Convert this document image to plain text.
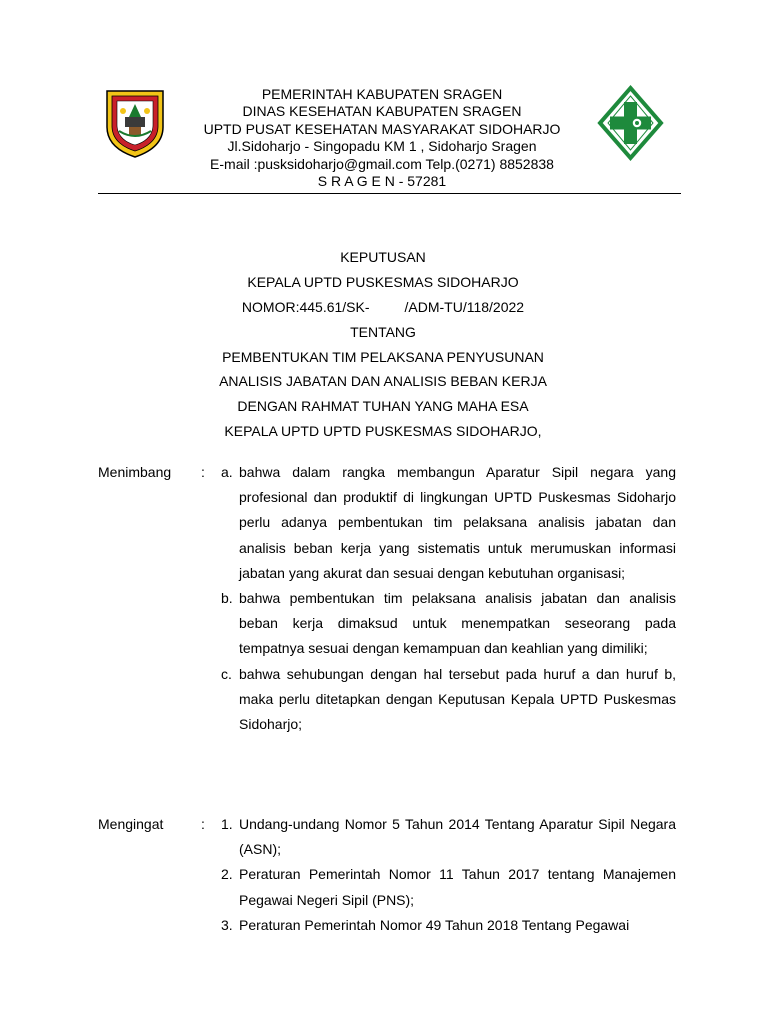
PEMERINTAH KABUPATEN SRAGEN
DINAS KESEHATAN KABUPATEN SRAGEN
UPTD PUSAT KESEHATAN MASYARAKAT SIDOHARJO
Jl.Sidoharjo - Singopadu KM 1 , Sidoharjo Sragen
E-mail :pusksidoharjo@gmail.com Telp.(0271) 8852838
S R A G E N - 57281
KEPUTUSAN
KEPALA UPTD PUSKESMAS SIDOHARJO
NOMOR:445.61/SK-         /ADM-TU/118/2022
TENTANG
PEMBENTUKAN TIM PELAKSANA PENYUSUNAN
ANALISIS JABATAN DAN ANALISIS BEBAN KERJA
DENGAN RAHMAT TUHAN YANG MAHA ESA
KEPALA UPTD UPTD PUSKESMAS SIDOHARJO,
Menimbang	: a. bahwa dalam rangka membangun Aparatur Sipil negara yang profesional dan produktif di lingkungan UPTD Puskesmas Sidoharjo perlu adanya pembentukan tim pelaksana analisis jabatan dan analisis beban kerja yang sistematis untuk merumuskan informasi jabatan yang akurat dan sesuai dengan kebutuhan organisasi;
b. bahwa pembentukan tim pelaksana analisis jabatan dan analisis beban kerja dimaksud untuk menempatkan seseorang pada tempatnya sesuai dengan kemampuan dan keahlian yang dimiliki;
c. bahwa sehubungan dengan hal tersebut pada huruf a dan huruf b, maka perlu ditetapkan dengan Keputusan Kepala UPTD Puskesmas Sidoharjo;
Mengingat	: 1. Undang-undang Nomor 5 Tahun 2014 Tentang Aparatur Sipil Negara (ASN);
2. Peraturan Pemerintah Nomor 11 Tahun 2017 tentang Manajemen Pegawai Negeri Sipil (PNS);
3. Peraturan Pemerintah Nomor 49 Tahun 2018 Tentang Pegawai
